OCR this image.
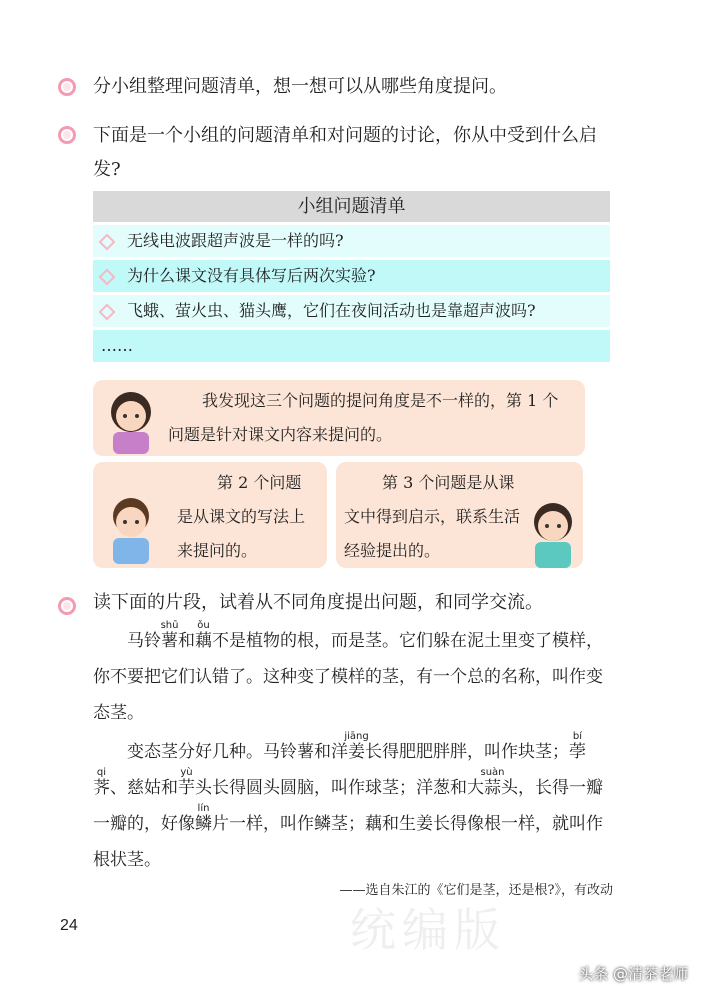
统编版
分小组整理问题清单，想一想可以从哪些角度提问。
下面是一个小组的问题清单和对问题的讨论，你从中受到什么启发?
小组问题清单
无线电波跟超声波是一样的吗?
为什么课文没有具体写后两次实验?
飞蛾、萤火虫、猫头鹰，它们在夜间活动也是靠超声波吗?
……
我发现这三个问题的提问角度是不一样的，第 1 个问题是针对课文内容来提问的。
第 2 个问题是从课文的写法上来提问的。
第 3 个问题是从课文中得到启示，联系生活经验提出的。
读下面的片段，试着从不同角度提出问题，和同学交流。

马铃薯shū和藕ǒu不是植物的根，而是茎。它们躲在泥土里变了模样，你不要把它们认错了。这种变了模样的茎，有一个总的名称，叫作变态茎。

变态茎分好几种。马铃薯和洋姜jiāng长得肥肥胖胖，叫作块茎；荸bí荠qi、慈姑和芋yù头长得圆头圆脑，叫作球茎；洋葱和大蒜suàn头，长得一瓣一瓣的，好像鳞lín片一样，叫作鳞茎；藕和生姜长得像根一样，就叫作根状茎。

——选自朱江的《它们是茎，还是根?》，有改动
24
头条 @清茶老师
